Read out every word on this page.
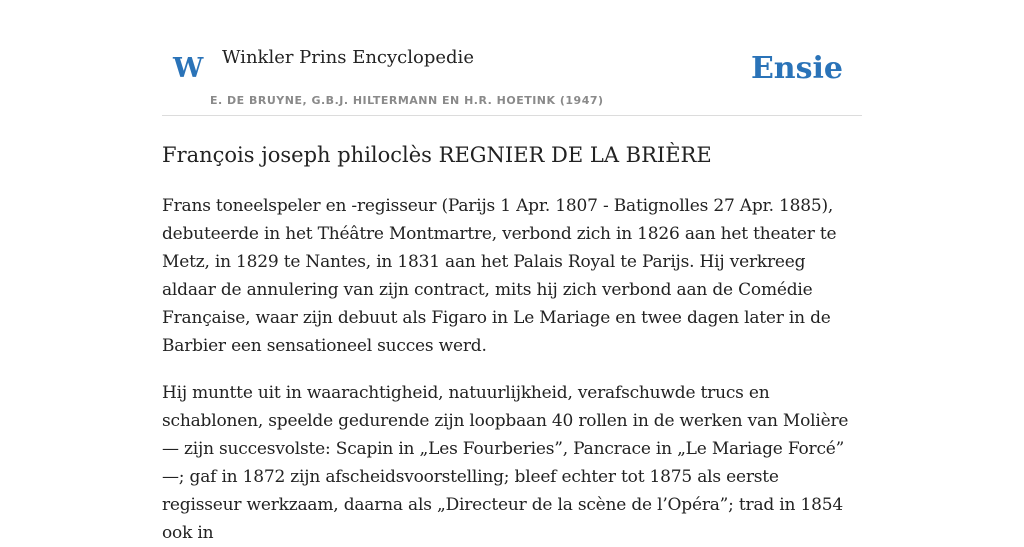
W Winkler Prins Encyclopedie
E. DE BRUYNE, G.B.J. HILTERMANN EN H.R. HOETINK (1947)
Ensie
François joseph philoclès REGNIER DE LA BRIÈRE

Frans toneelspeler en -regisseur (Parijs 1 Apr. 1807 - Batignolles 27 Apr. 1885), debuteerde in het Théâtre Montmartre, verbond zich in 1826 aan het theater te Metz, in 1829 te Nantes, in 1831 aan het Palais Royal te Parijs. Hij verkreeg aldaar de annulering van zijn contract, mits hij zich verbond aan de Comédie Française, waar zijn debuut als Figaro in Le Mariage en twee dagen later in de Barbier een sensationeel succes werd.

Hij muntte uit in waarachtigheid, natuurlijkheid, verafschuwde trucs en schablonen, speelde gedurende zijn loopbaan 40 rollen in de werken van Molière — zijn succesvolste: Scapin in „Les Fourberies”, Pancrace in „Le Mariage Forcé” —; gaf in 1872 zijn afscheidsvoorstelling; bleef echter tot 1875 als eerste regisseur werkzaam, daarna als „Directeur de la scène de l’Opéra”; trad in 1854 ook in
